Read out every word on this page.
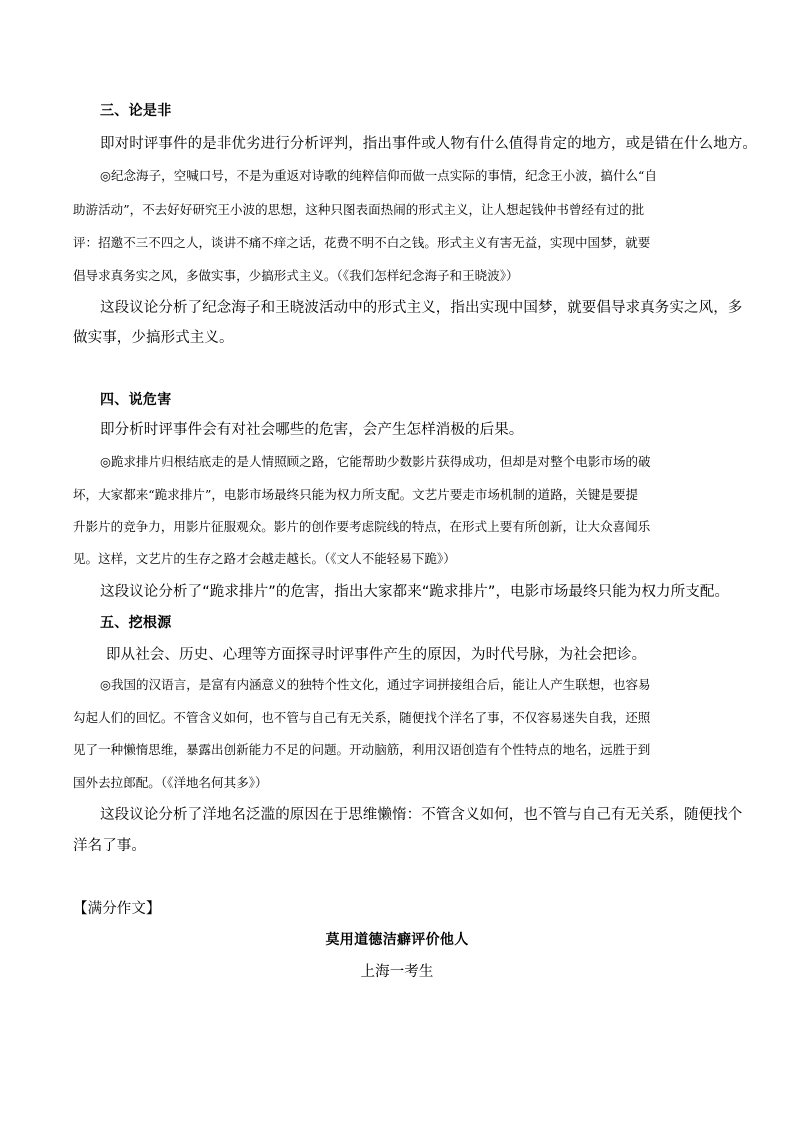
三、论是非
即对时评事件的是非优劣进行分析评判，指出事件或人物有什么值得肯定的地方，或是错在什么地方。
◎纪念海子，空喊口号，不是为重返对诗歌的纯粹信仰而做一点实际的事情，纪念王小波，搞什么“自
助游活动”，不去好好研究王小波的思想，这种只图表面热闹的形式主义，让人想起钱仲书曾经有过的批
评：招邀不三不四之人，谈讲不痛不痒之话，花费不明不白之钱。形式主义有害无益，实现中国梦，就要
倡导求真务实之风，多做实事，少搞形式主义。（《我们怎样纪念海子和王晓波》）
这段议论分析了纪念海子和王晓波活动中的形式主义，指出实现中国梦，就要倡导求真务实之风，多
做实事，少搞形式主义。
四、说危害
即分析时评事件会有对社会哪些的危害，会产生怎样消极的后果。
◎跪求排片归根结底走的是人情照顾之路，它能帮助少数影片获得成功，但却是对整个电影市场的破
坏，大家都来“跪求排片”，电影市场最终只能为权力所支配。文艺片要走市场机制的道路，关键是要提
升影片的竞争力，用影片征服观众。影片的创作要考虑院线的特点，在形式上要有所创新，让大众喜闻乐
见。这样，文艺片的生存之路才会越走越长。（《文人不能轻易下跪》）
这段议论分析了“跪求排片”的危害，指出大家都来“跪求排片”，电影市场最终只能为权力所支配。
五、挖根源
即从社会、历史、心理等方面探寻时评事件产生的原因，为时代号脉，为社会把诊。
◎我国的汉语言，是富有内涵意义的独特个性文化，通过字词拼接组合后，能让人产生联想，也容易
勾起人们的回忆。不管含义如何，也不管与自己有无关系，随便找个洋名了事，不仅容易迷失自我，还照
见了一种懒惰思维，暴露出创新能力不足的问题。开动脑筋，利用汉语创造有个性特点的地名，远胜于到
国外去拉郎配。（《洋地名何其多》）
这段议论分析了洋地名泛滥的原因在于思维懒惰：不管含义如何，也不管与自己有无关系，随便找个
洋名了事。
【满分作文】
莫用道德洁癖评价他人
上海一考生
